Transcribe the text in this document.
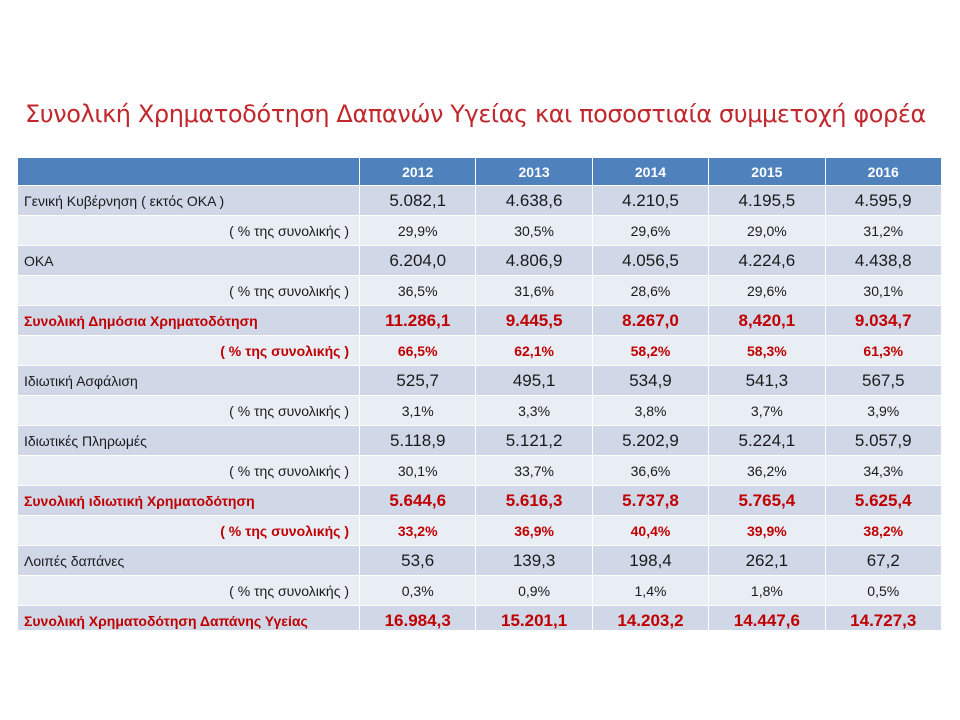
Συνολική Χρηματοδότηση Δαπανών Υγείας και ποσοστιαία συμμετοχή φορέα
	2012	2013	2014	2015	2016
Γενική Κυβέρνηση ( εκτός ΟΚΑ )	5.082,1	4.638,6	4.210,5	4.195,5	4.595,9
( % της συνολικής )	29,9%	30,5%	29,6%	29,0%	31,2%
ΟΚΑ	6.204,0	4.806,9	4.056,5	4.224,6	4.438,8
( % της συνολικής )	36,5%	31,6%	28,6%	29,6%	30,1%
Συνολική Δημόσια Χρηματοδότηση	11.286,1	9.445,5	8.267,0	8,420,1	9.034,7
( % της συνολικής )	66,5%	62,1%	58,2%	58,3%	61,3%
Ιδιωτική Ασφάλιση	525,7	495,1	534,9	541,3	567,5
( % της συνολικής )	3,1%	3,3%	3,8%	3,7%	3,9%
Ιδιωτικές Πληρωμές	5.118,9	5.121,2	5.202,9	5.224,1	5.057,9
( % της συνολικής )	30,1%	33,7%	36,6%	36,2%	34,3%
Συνολική ιδιωτική Χρηματοδότηση	5.644,6	5.616,3	5.737,8	5.765,4	5.625,4
( % της συνολικής )	33,2%	36,9%	40,4%	39,9%	38,2%
Λοιπές δαπάνες	53,6	139,3	198,4	262,1	67,2
( % της συνολικής )	0,3%	0,9%	1,4%	1,8%	0,5%
Συνολική Χρηματοδότηση Δαπάνης Υγείας	16.984,3	15.201,1	14.203,2	14.447,6	14.727,3
